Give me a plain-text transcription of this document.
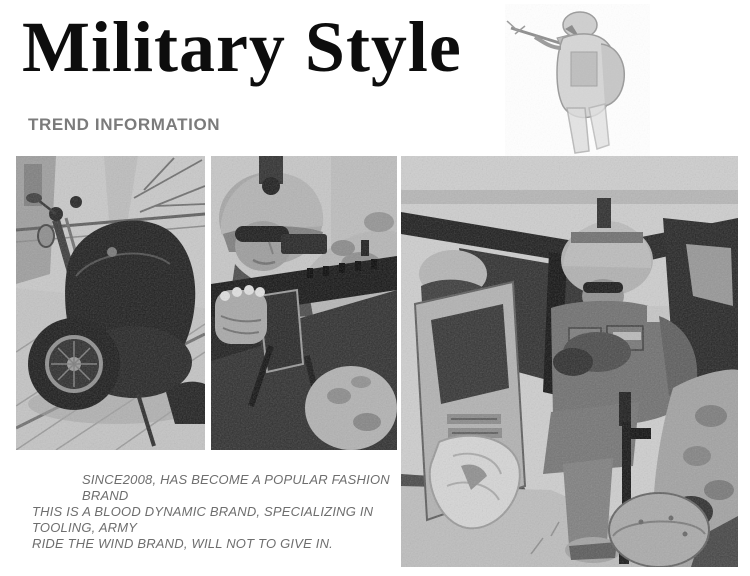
Military Style
TREND INFORMATION
SINCE2008, HAS BECOME A POPULAR FASHION BRAND
THIS IS A BLOOD DYNAMIC BRAND, SPECIALIZING IN TOOLING, ARMY
RIDE THE WIND BRAND, WILL NOT TO GIVE IN.
